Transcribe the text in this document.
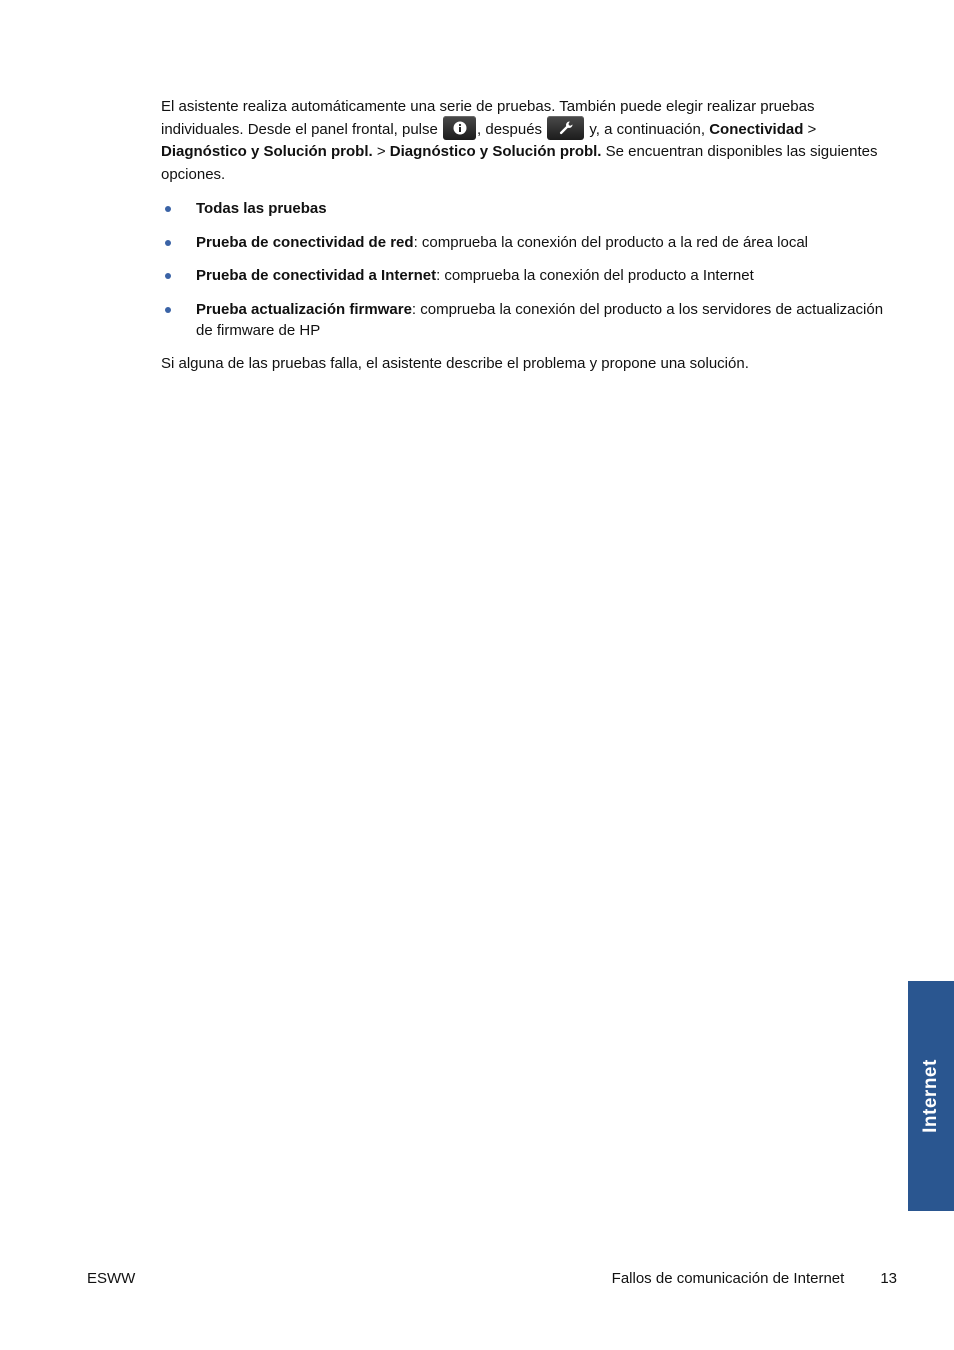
El asistente realiza automáticamente una serie de pruebas. También puede elegir realizar pruebas individuales. Desde el panel frontal, pulse
, después	y, a continuación, Conectividad > Diagnóstico y Solución probl. > Diagnóstico y Solución probl. Se encuentran disponibles las siguientes opciones.

Todas las pruebas
Prueba de conectividad de red: comprueba la conexión del producto a la red de área local
Prueba de conectividad a Internet: comprueba la conexión del producto a Internet
Prueba actualización firmware: comprueba la conexión del producto a los servidores de actualización de firmware de HP

Si alguna de las pruebas falla, el asistente describe el problema y propone una solución.

Internet
ESWW	Fallos de comunicación de Internet 13
